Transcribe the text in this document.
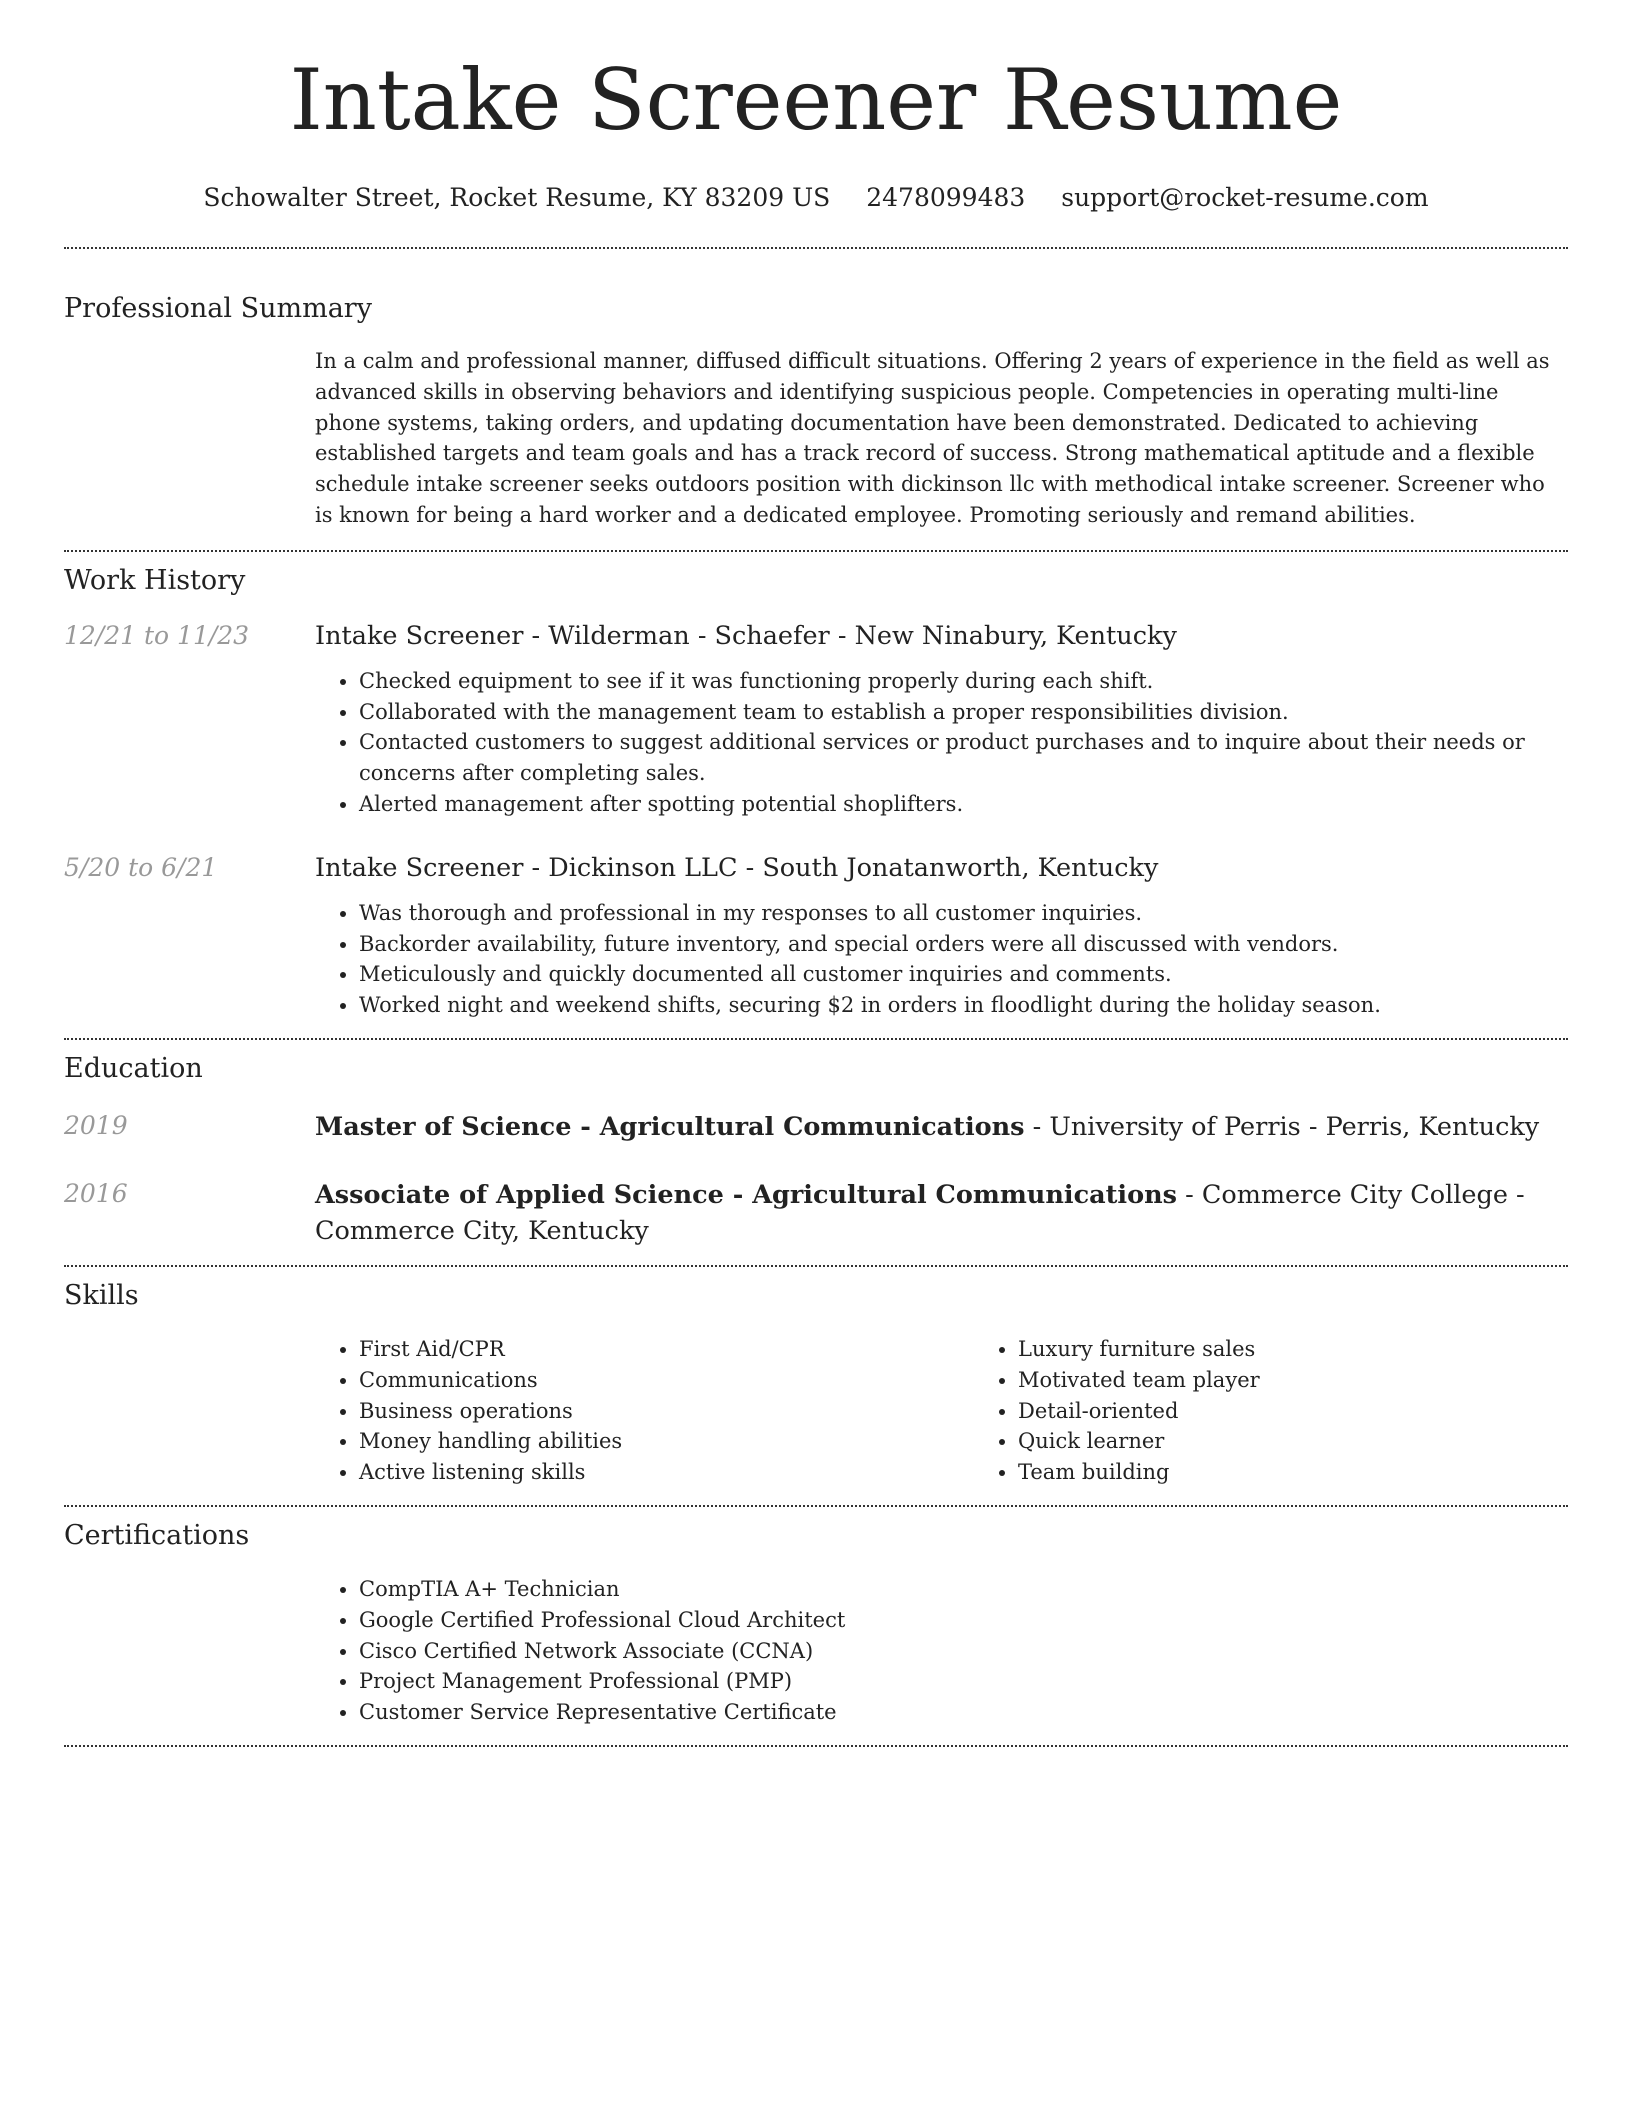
Intake Screener Resume
Schowalter Street, Rocket Resume, KY 83209 US 2478099483 support@rocket-resume.com
Professional Summary
In a calm and professional manner, diffused difficult situations. Offering 2 years of experience in the field as well as advanced skills in observing behaviors and identifying suspicious people. Competencies in operating multi-line phone systems, taking orders, and updating documentation have been demonstrated. Dedicated to achieving established targets and team goals and has a track record of success. Strong mathematical aptitude and a flexible schedule intake screener seeks outdoors position with dickinson llc with methodical intake screener. Screener who is known for being a hard worker and a dedicated employee. Promoting seriously and remand abilities.
Work History
12/21 to 11/23	Intake Screener - Wilderman - Schaefer - New Ninabury, Kentucky
• Checked equipment to see if it was functioning properly during each shift.
• Collaborated with the management team to establish a proper responsibilities division.
• Contacted customers to suggest additional services or product purchases and to inquire about their needs or concerns after completing sales.
• Alerted management after spotting potential shoplifters.
5/20 to 6/21	Intake Screener - Dickinson LLC - South Jonatanworth, Kentucky
• Was thorough and professional in my responses to all customer inquiries.
• Backorder availability, future inventory, and special orders were all discussed with vendors.
• Meticulously and quickly documented all customer inquiries and comments.
• Worked night and weekend shifts, securing $2 in orders in floodlight during the holiday season.
Education
2019	Master of Science - Agricultural Communications - University of Perris - Perris, Kentucky
2016	Associate of Applied Science - Agricultural Communications - Commerce City College - Commerce City, Kentucky
Skills
• First Aid/CPR
• Communications
• Business operations
• Money handling abilities
• Active listening skills
• Luxury furniture sales
• Motivated team player
• Detail-oriented
• Quick learner
• Team building
Certifications
• CompTIA A+ Technician
• Google Certified Professional Cloud Architect
• Cisco Certified Network Associate (CCNA)
• Project Management Professional (PMP)
• Customer Service Representative Certificate
